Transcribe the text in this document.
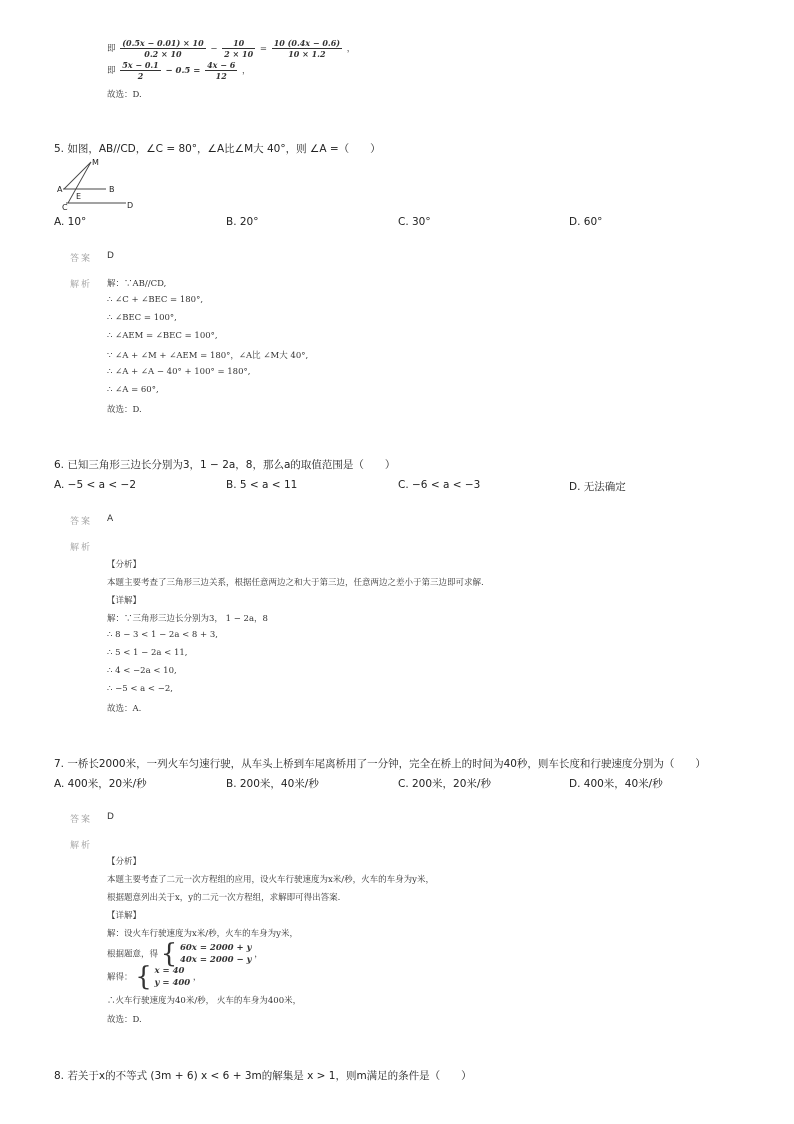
即 $\frac{(0.5x - 0.01) \times 10}{0.2 \times 10} - \frac{10}{2 \times 10} = \frac{10 (0.4x - 0.6)}{10 \times 1.2}$ ，
即 $\frac{5x - 0.1}{2} - 0.5 = \frac{4x - 6}{12}$ ，
故选：D.
5. 如图，AB//CD，∠C = 80°，∠A比∠M大 40°，则 ∠A =（　　）
M
A	B
E
C	D
A. 10°	B. 20°	C. 30°	D. 60°
答案 D
解析 解：∵AB//CD,
∴ ∠C + ∠BEC = 180°,
∴ ∠BEC = 100°,
∴ ∠AEM = ∠BEC = 100°,
∵ ∠A + ∠M + ∠AEM = 180°，∠A比 ∠M大 40°,
∴ ∠A + ∠A − 40° + 100° = 180°,
∴ ∠A = 60°,
故选：D.
6. 已知三角形三边长分别为3，1 − 2a，8，那么a的取值范围是（　　）
A. −5 < a < −2	B. 5 < a < 11	C. −6 < a < −3	D. 无法确定
答案 A
解析
【分析】
本题主要考查了三角形三边关系，根据任意两边之和大于第三边，任意两边之差小于第三边即可求解.
【详解】
解：∵三角形三边长分别为3， 1 − 2a，8
∴ 8 − 3 < 1 − 2a < 8 + 3,
∴ 5 < 1 − 2a < 11,
∴ 4 < −2a < 10,
∴ −5 < a < −2,
故选：A.
7. 一桥长2000米，一列火车匀速行驶，从车头上桥到车尾离桥用了一分钟，完全在桥上的时间为40秒，则车长度和行驶速度分别为（　　）
A. 400米，20米/秒	B. 200米，40米/秒	C. 200米，20米/秒	D. 400米，40米/秒
答案 D
解析
【分析】
本题主要考查了二元一次方程组的应用，设火车行驶速度为x米/秒，火车的车身为y米，
根据题意列出关于x，y的二元一次方程组，求解即可得出答案.
【详解】
解：设火车行驶速度为x米/秒，火车的车身为y米，
根据题意，得 { 60x = 2000 + y
40x = 2000 − y
，
解得： { x = 40
y = 400
，
∴火车行驶速度为40米/秒， 火车的车身为400米，
故选：D.
8. 若关于x的不等式 (3m + 6) x < 6 + 3m的解集是 x > 1，则m满足的条件是（　　）
